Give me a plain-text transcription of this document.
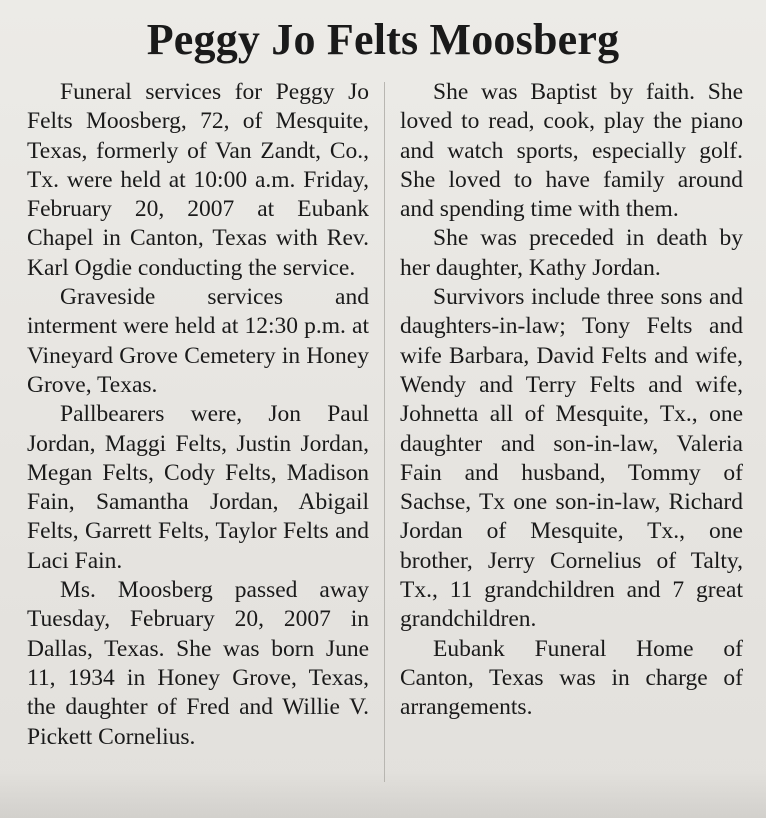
Peggy Jo Felts Moosberg

Funeral services for Peggy Jo Felts Moosberg, 72, of Mesquite, Texas, formerly of Van Zandt, Co., Tx. were held at 10:00 a.m. Friday, February 20, 2007 at Eubank Chapel in Canton, Texas with Rev. Karl Ogdie conducting the service.

Graveside services and interment were held at 12:30 p.m. at Vineyard Grove Cemetery in Honey Grove, Texas.

Pallbearers were, Jon Paul Jordan, Maggi Felts, Justin Jordan, Megan Felts, Cody Felts, Madison Fain, Samantha Jordan, Abigail Felts, Garrett Felts, Taylor Felts and Laci Fain.

Ms. Moosberg passed away Tuesday, February 20, 2007 in Dallas, Texas. She was born June 11, 1934 in Honey Grove, Texas, the daughter of Fred and Willie V. Pickett Cornelius.

She was Baptist by faith. She loved to read, cook, play the piano and watch sports, especially golf. She loved to have family around and spending time with them.

She was preceded in death by her daughter, Kathy Jordan.

Survivors include three sons and daughters-in-law; Tony Felts and wife Barbara, David Felts and wife, Wendy and Terry Felts and wife, Johnetta all of Mesquite, Tx., one daughter and son-in-law, Valeria Fain and husband, Tommy of Sachse, Tx one son-in-law, Richard Jordan of Mesquite, Tx., one brother, Jerry Cornelius of Talty, Tx., 11 grandchildren and 7 great grandchildren.

Eubank Funeral Home of Canton, Texas was in charge of arrangements.
